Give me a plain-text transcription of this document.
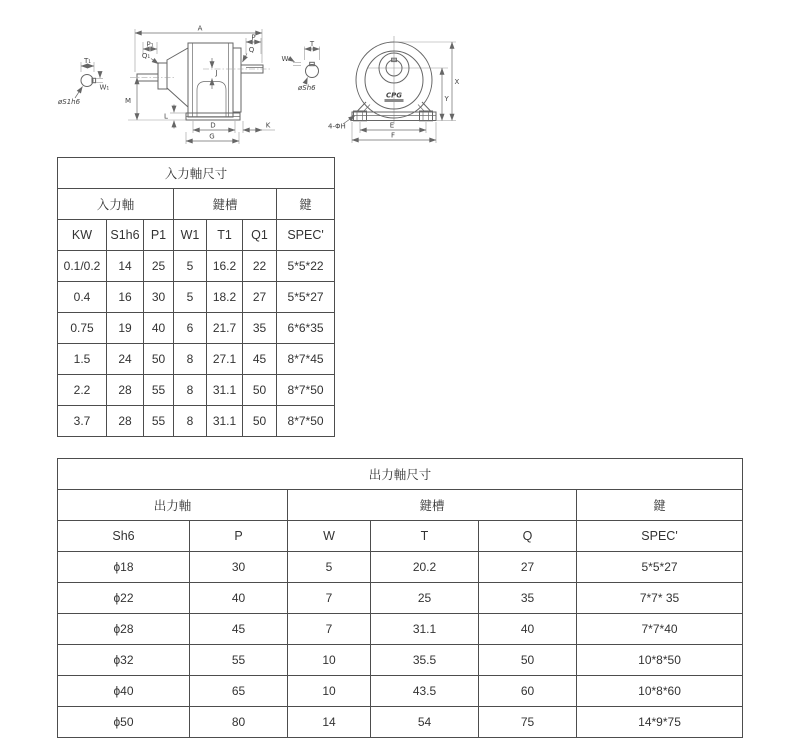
T₁
W₁
øS1h6
A
P₁
Q₁
P
Q
J
M
L
D	K
G
T
W
øSh6
CPG
X
Y
E
F
4-ΦH
入力軸尺寸						
入力軸			鍵槽			鍵
KW	S1h6	P1	W1	T1	Q1	SPEC'
0.1/0.2	14	25	5	16.2	22	5*5*22
0.4	16	30	5	18.2	27	5*5*27
0.75	19	40	6	21.7	35	6*6*35
1.5	24	50	8	27.1	45	8*7*45
2.2	28	55	8	31.1	50	8*7*50
3.7	28	55	8	31.1	50	8*7*50
出力軸尺寸					
出力軸		鍵槽			鍵
Sh6	P	W	T	Q	SPEC'
ϕ18	30	5	20.2	27	5*5*27
ϕ22	40	7	25	35	7*7* 35
ϕ28	45	7	31.1	40	7*7*40
ϕ32	55	10	35.5	50	10*8*50
ϕ40	65	10	43.5	60	10*8*60
ϕ50	80	14	54	75	14*9*75
